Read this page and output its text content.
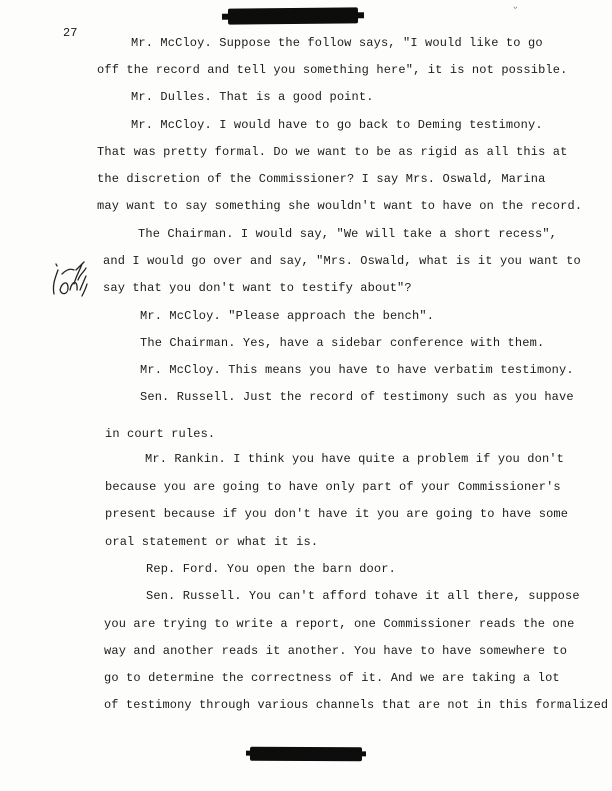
ᵕ
27
Mr. McCloy. Suppose the follow says, "I would like to go
off the record and tell you something here", it is not possible.
Mr. Dulles. That is a good point.
Mr. McCloy. I would have to go back to Deming testimony.
That was pretty formal. Do we want to be as rigid as all this at
the discretion of the Commissioner? I say Mrs. Oswald, Marina
may want to say something she wouldn't want to have on the record.
The Chairman. I would say, "We will take a short recess",
and I would go over and say, "Mrs. Oswald, what is it you want to
say that you don't want to testify about"?
Mr. McCloy. "Please approach the bench".
The Chairman. Yes, have a sidebar conference with them.
Mr. McCloy. This means you have to have verbatim testimony.
Sen. Russell. Just the record of testimony such as you have
in court rules.
Mr. Rankin. I think you have quite a problem if you don't
because you are going to have only part of your Commissioner's
present because if you don't have it you are going to have some
oral statement or what it is.
Rep. Ford. You open the barn door.
Sen. Russell. You can't afford tohave it all there, suppose
you are trying to write a report, one Commissioner reads the one
way and another reads it another. You have to have somewhere to
go to determine the correctness of it. And we are taking a lot
of testimony through various channels that are not in this formalized
